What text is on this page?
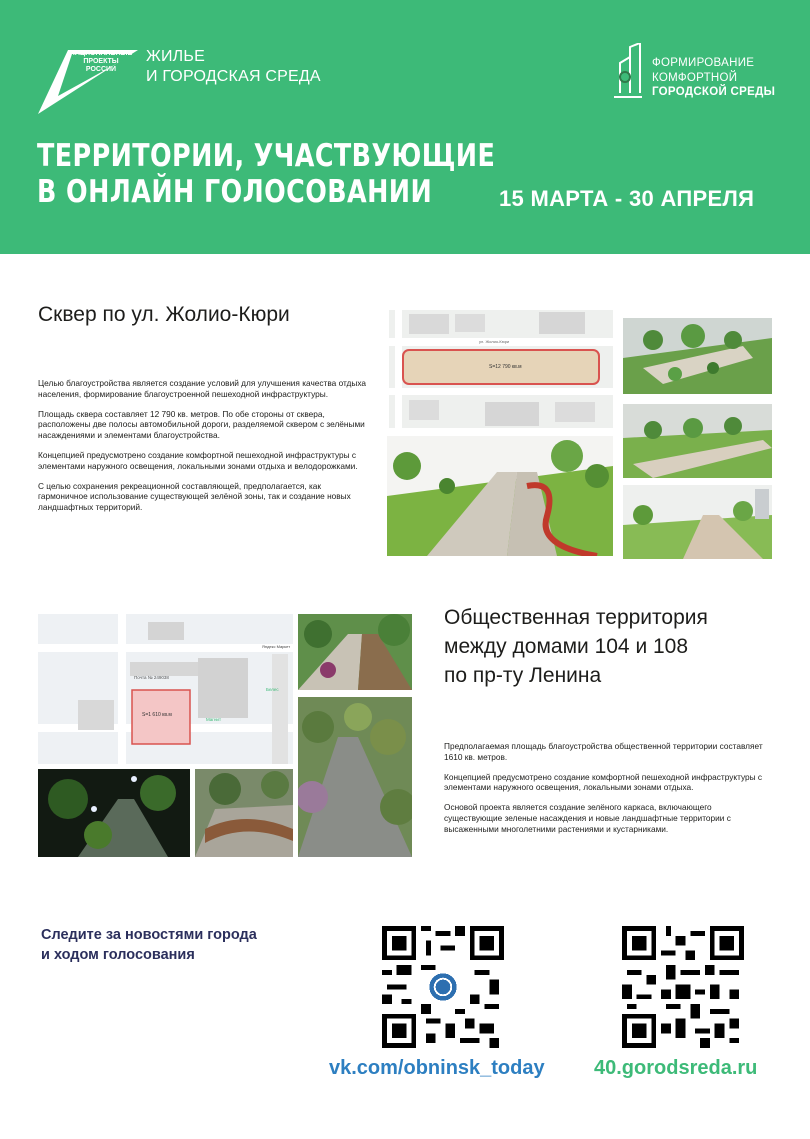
НАЦИОНАЛЬНЫЕ
ПРОЕКТЫ
РОССИИ
ЖИЛЬЕ
И ГОРОДСКАЯ СРЕДА
ФОРМИРОВАНИЕ
КОМФОРТНОЙ
ГОРОДСКОЙ СРЕДЫ
ТЕРРИТОРИИ, УЧАСТВУЮЩИЕ
В ОНЛАЙН ГОЛОСОВАНИИ	15 МАРТА - 30 АПРЕЛЯ
Сквер по ул. Жолио-Кюри

Целью благоустройства является создание условий для улучшения качества отдыха населения, формирование благоустроенной пешеходной инфраструктуры.

Площадь сквера составляет 12 790 кв. метров. По обе стороны от сквера, расположены две полосы автомобильной дороги, разделяемой сквером с зелёными насаждениями и элементами благоустройства.

Концепцией предусмотрено создание комфортной пешеходной инфраструктуры с элементами наружного освещения, локальными зонами отдыха и велодорожками.

С целью сохранения рекреационной составляющей, предполагается, как гармоничное использование существующей зелёной зоны, так и создание новых ландшафтных территорий.

S=12 790 кв.м
ул. Жолио-Кюри
S=1 610 кв.м
Почта № 249038
Яндекс Маркет
Магнит
Белес
Общественная территория
между домами 104 и 108
по пр-ту Ленина

Предполагаемая площадь благоустройства общественной территории составляет 1610 кв. метров.

Концепцией предусмотрено создание комфортной пешеходной инфраструктуры с элементами наружного освещения, локальными зонами отдыха.

Основой проекта является создание зелёного каркаса, включающего существующие зеленые насаждения и новые ландшафтные территории с высаженными многолетними растениями и кустарниками.

Следите за новостями города
и ходом голосования
vk.com/obninsk_today 40.gorodsreda.ru
